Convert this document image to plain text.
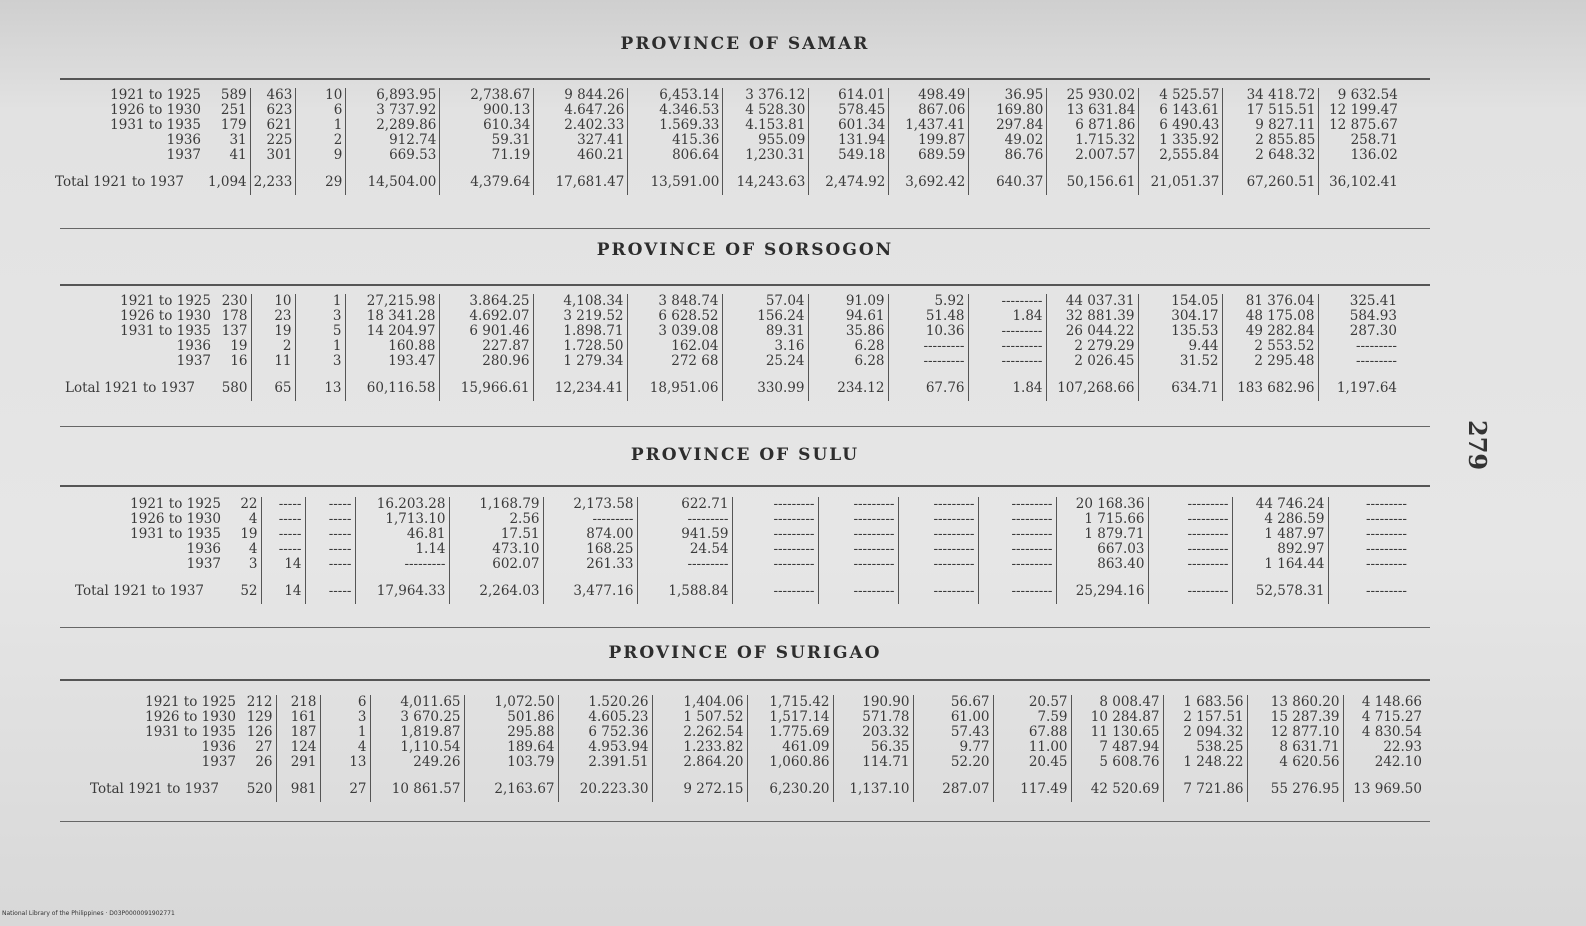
PROVINCE OF SAMAR
1921 to 1925	589	463	10	6,893.95	2,738.67	9 844.26	6,453.14	3 376.12	614.01	498.49	36.95	25 930.02	4 525.57	34 418.72	9 632.54
1926 to 1930	251	623	6	3 737.92	900.13	4.647.26	4.346.53	4 528.30	578.45	867.06	169.80	13 631.84	6 143.61	17 515.51	12 199.47
1931 to 1935	179	621	1	2,289.86	610.34	2.402.33	1.569.33	4.153.81	601.34	1,437.41	297.84	6 871.86	6 490.43	9 827.11	12 875.67
1936	31	225	2	912.74	59.31	327.41	415.36	955.09	131.94	199.87	49.02	1.715.32	1 335.92	2 855.85	258.71
1937	41	301	9	669.53	71.19	460.21	806.64	1,230.31	549.18	689.59	86.76	2.007.57	2,555.84	2 648.32	136.02

Total 1921 to 1937	1,094	2,233	29	14,504.00	4,379.64	17,681.47	13,591.00	14,243.63	2,474.92	3,692.42	640.37	50,156.61	21,051.37	67,260.51	36,102.41
PROVINCE OF SORSOGON
1921 to 1925	230	10	1	27,215.98	3.864.25	4,108.34	3 848.74	57.04	91.09	5.92	---------	44 037.31	154.05	81 376.04	325.41
1926 to 1930	178	23	3	18 341.28	4.692.07	3 219.52	6 628.52	156.24	94.61	51.48	1.84	32 881.39	304.17	48 175.08	584.93
1931 to 1935	137	19	5	14 204.97	6 901.46	1.898.71	3 039.08	89.31	35.86	10.36	---------	26 044.22	135.53	49 282.84	287.30
1936	19	2	1	160.88	227.87	1.728.50	162.04	3.16	6.28	---------	---------	2 279.29	9.44	2 553.52	---------
1937	16	11	3	193.47	280.96	1 279.34	272 68	25.24	6.28	---------	---------	2 026.45	31.52	2 295.48	---------

Lotal 1921 to 1937	580	65	13	60,116.58	15,966.61	12,234.41	18,951.06	330.99	234.12	67.76	1.84	107,268.66	634.71	183 682.96	1,197.64
PROVINCE OF SULU
1921 to 1925	22	-----	-----	16.203.28	1,168.79	2,173.58	622.71	---------	---------	---------	---------	20 168.36	---------	44 746.24	---------
1926 to 1930	4	-----	-----	1,713.10	2.56	---------	---------	---------	---------	---------	---------	1 715.66	---------	4 286.59	---------
1931 to 1935	19	-----	-----	46.81	17.51	874.00	941.59	---------	---------	---------	---------	1 879.71	---------	1 487.97	---------
1936	4	-----	-----	1.14	473.10	168.25	24.54	---------	---------	---------	---------	667.03	---------	892.97	---------
1937	3	14	-----	---------	602.07	261.33	---------	---------	---------	---------	---------	863.40	---------	1 164.44	---------

Total 1921 to 1937	52	14	-----	17,964.33	2,264.03	3,477.16	1,588.84	---------	---------	---------	---------	25,294.16	---------	52,578.31	---------
PROVINCE OF SURIGAO
1921 to 1925	212	218	6	4,011.65	1,072.50	1.520.26	1,404.06	1,715.42	190.90	56.67	20.57	8 008.47	1 683.56	13 860.20	4 148.66
1926 to 1930	129	161	3	3 670.25	501.86	4.605.23	1 507.52	1,517.14	571.78	61.00	7.59	10 284.87	2 157.51	15 287.39	4 715.27
1931 to 1935	126	187	1	1,819.87	295.88	6 752.36	2.262.54	1.775.69	203.32	57.43	67.88	11 130.65	2 094.32	12 877.10	4 830.54
1936	27	124	4	1,110.54	189.64	4.953.94	1.233.82	461.09	56.35	9.77	11.00	7 487.94	538.25	8 631.71	22.93
1937	26	291	13	249.26	103.79	2.391.51	2.864.20	1,060.86	114.71	52.20	20.45	5 608.76	1 248.22	4 620.56	242.10

Total 1921 to 1937	520	981	27	10 861.57	2,163.67	20.223.30	9 272.15	6,230.20	1,137.10	287.07	117.49	42 520.69	7 721.86	55 276.95	13 969.50
279
National Library of the Philippines · D03P0000091902771
